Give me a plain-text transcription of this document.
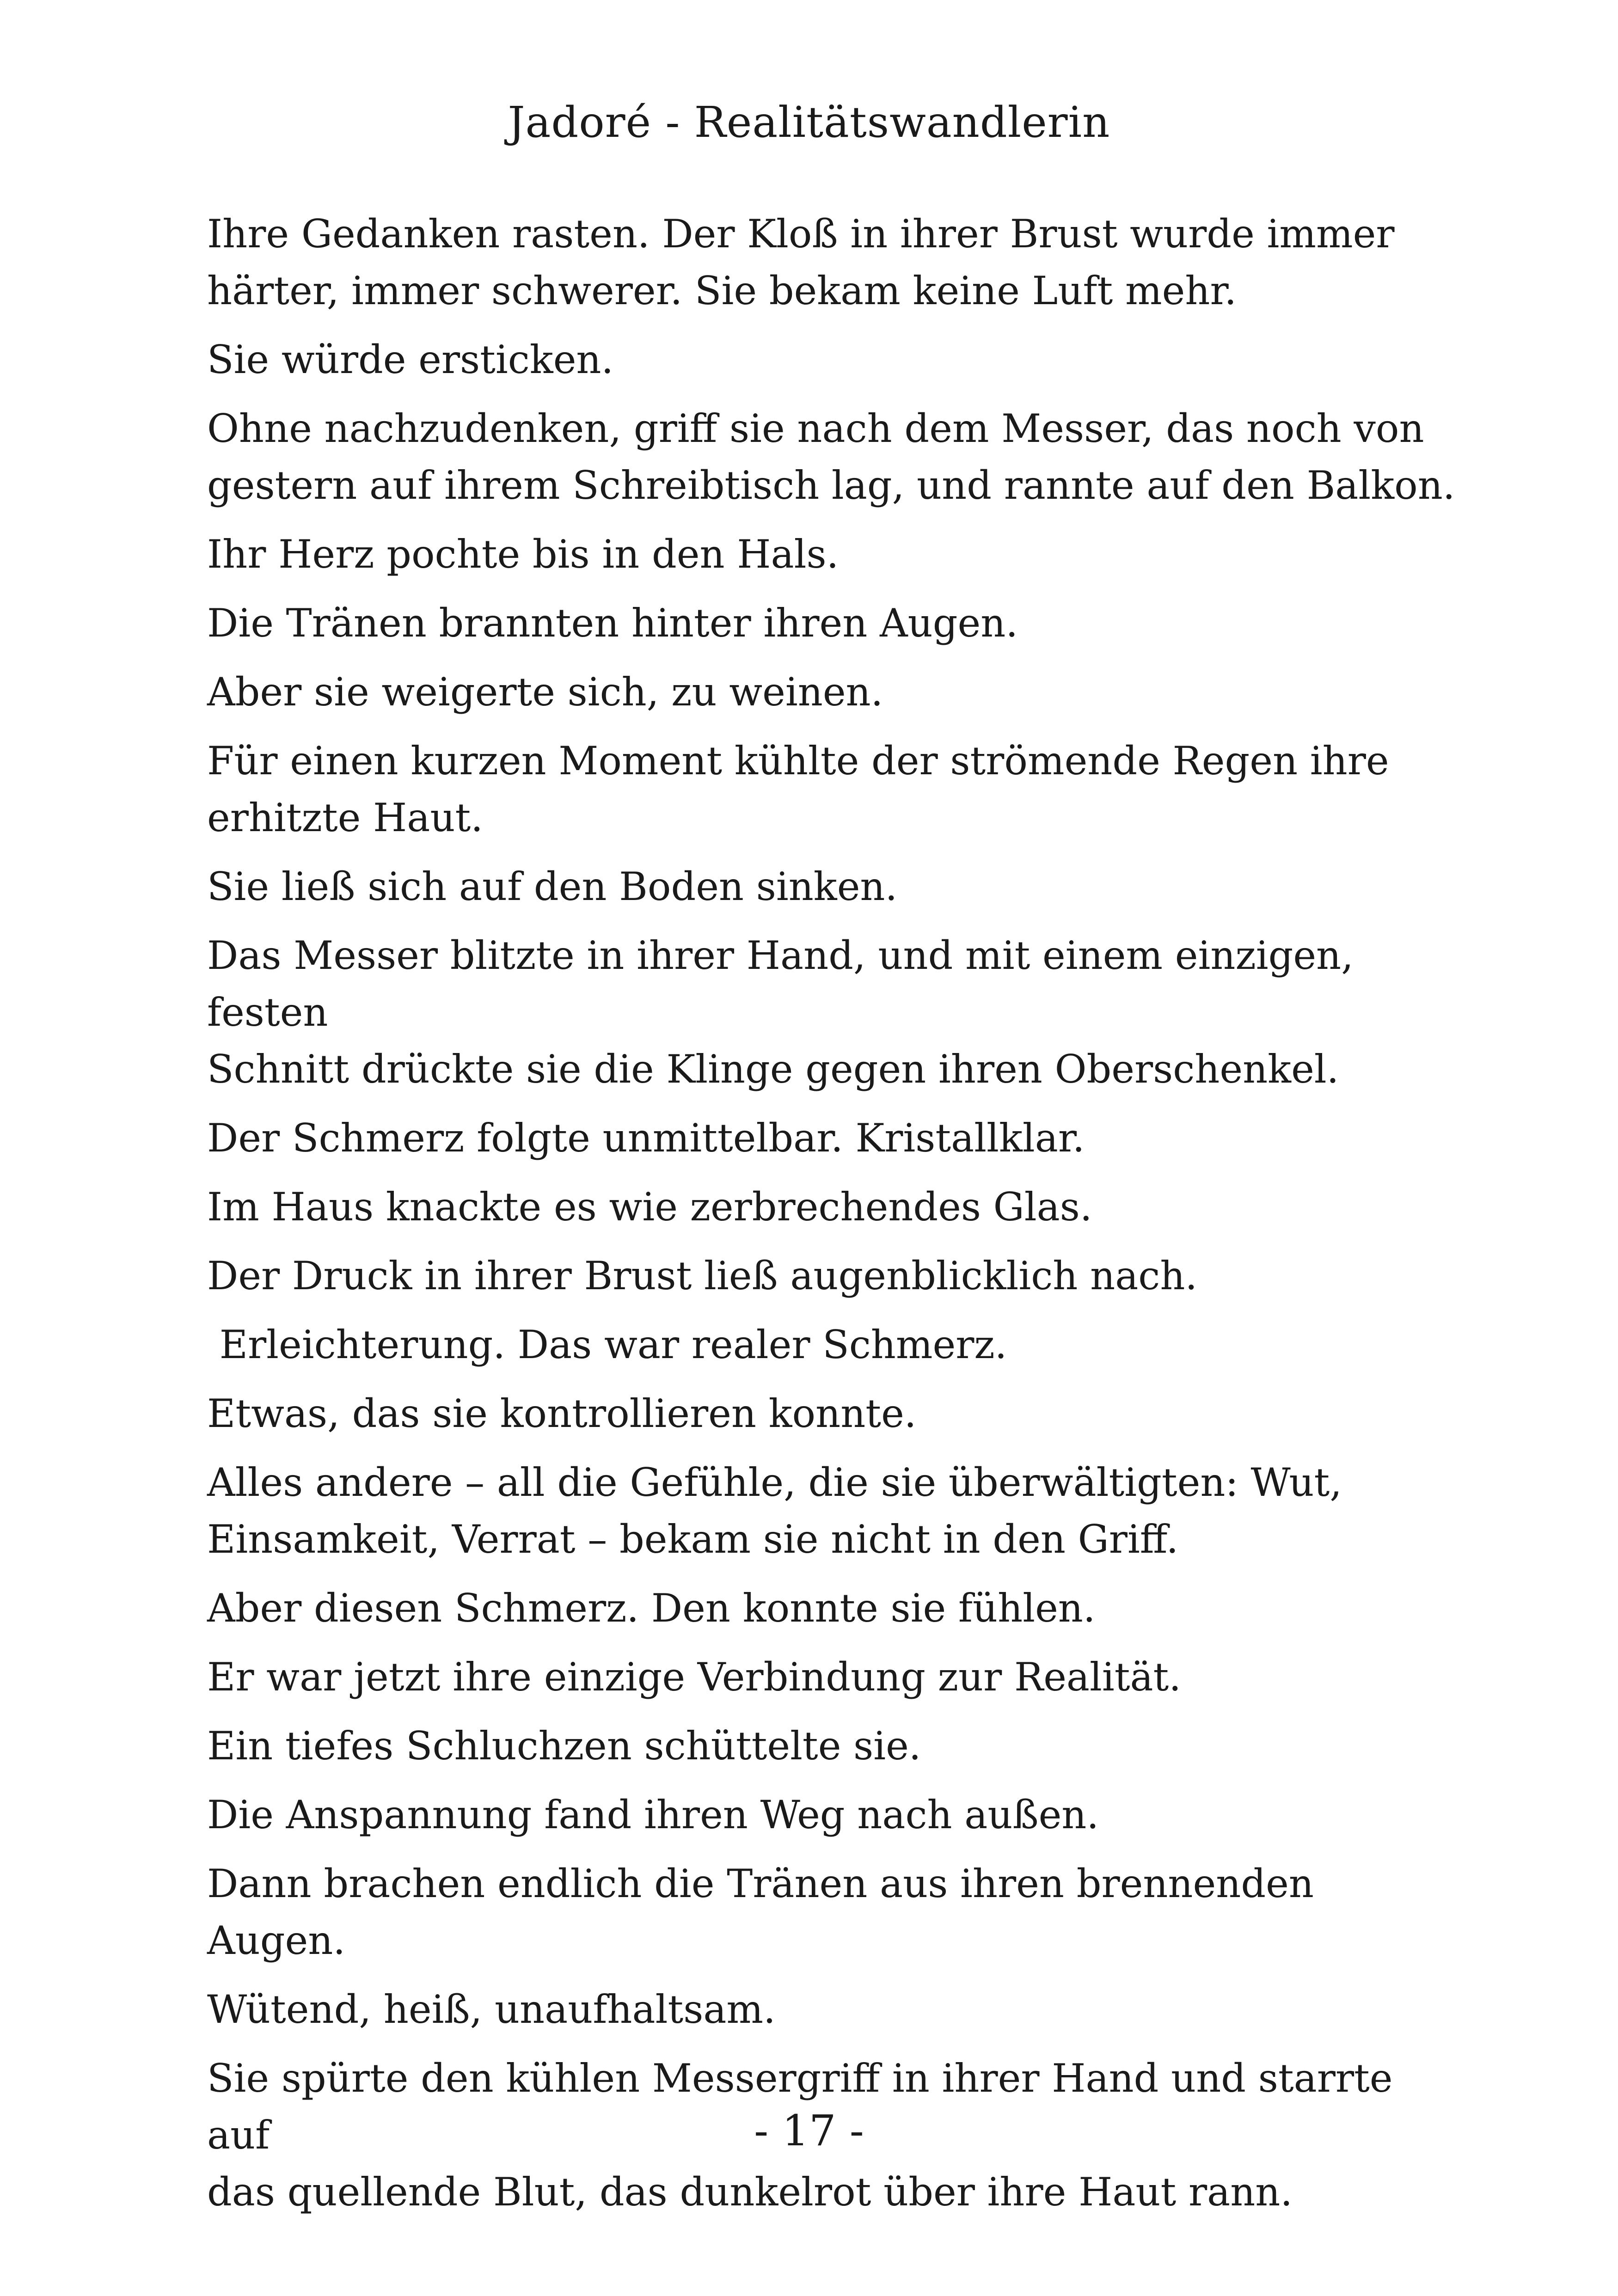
Jadoré - Realitätswandlerin

Ihre Gedanken rasten. Der Kloß in ihrer Brust wurde immer
härter, immer schwerer. Sie bekam keine Luft mehr.

Sie würde ersticken.

Ohne nachzudenken, griff sie nach dem Messer, das noch von
gestern auf ihrem Schreibtisch lag, und rannte auf den Balkon.

Ihr Herz pochte bis in den Hals.

Die Tränen brannten hinter ihren Augen.

Aber sie weigerte sich, zu weinen.

Für einen kurzen Moment kühlte der strömende Regen ihre
erhitzte Haut.

Sie ließ sich auf den Boden sinken.

Das Messer blitzte in ihrer Hand, und mit einem einzigen, festen
Schnitt drückte sie die Klinge gegen ihren Oberschenkel.

Der Schmerz folgte unmittelbar. Kristallklar.

Im Haus knackte es wie zerbrechendes Glas.

Der Druck in ihrer Brust ließ augenblicklich nach.

Erleichterung. Das war realer Schmerz.

Etwas, das sie kontrollieren konnte.

Alles andere – all die Gefühle, die sie überwältigten: Wut,
Einsamkeit, Verrat – bekam sie nicht in den Griff.

Aber diesen Schmerz. Den konnte sie fühlen.

Er war jetzt ihre einzige Verbindung zur Realität.

Ein tiefes Schluchzen schüttelte sie.

Die Anspannung fand ihren Weg nach außen.

Dann brachen endlich die Tränen aus ihren brennenden Augen.

Wütend, heiß, unaufhaltsam.

Sie spürte den kühlen Messergriff in ihrer Hand und starrte auf
das quellende Blut, das dunkelrot über ihre Haut rann.

- 17 -
